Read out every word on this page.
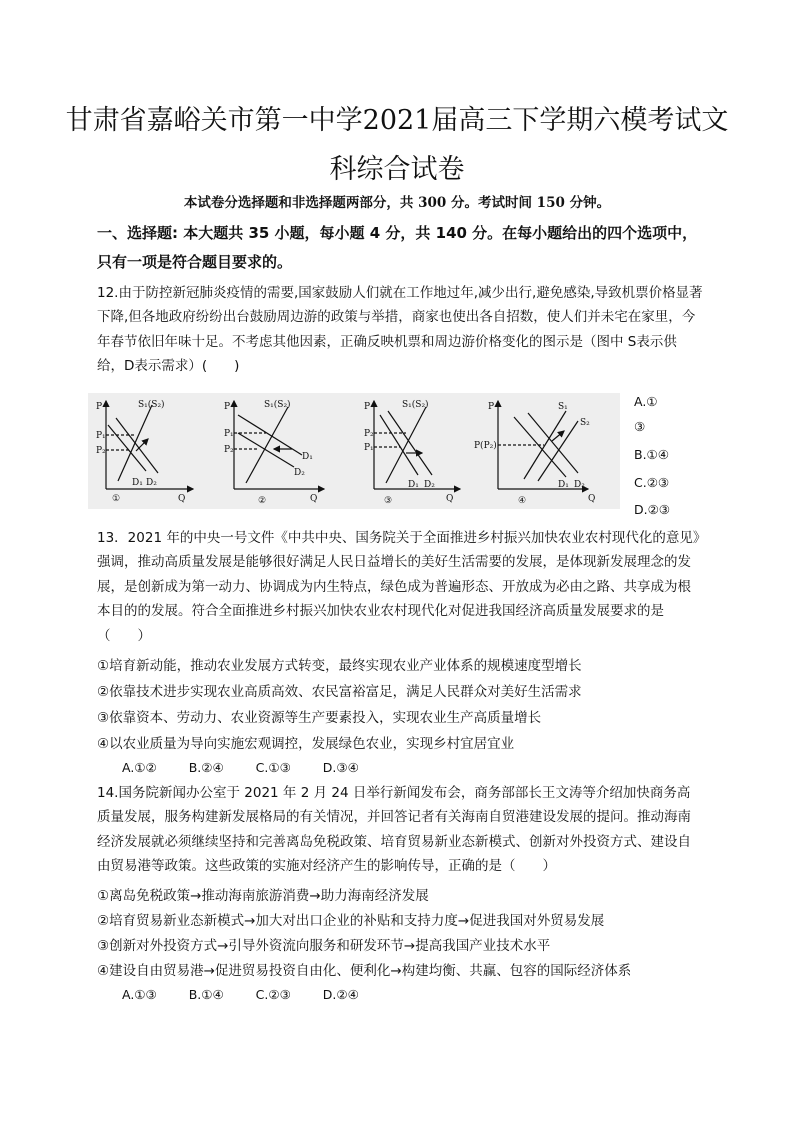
甘肃省嘉峪关市第一中学2021届高三下学期六模考试文
科综合试卷
本试卷分选择题和非选择题两部分，共 300 分。考试时间 150 分钟。
一、选择题: 本大题共 35 小题，每小题 4 分，共 140 分。在每小题给出的四个选项中，只有一项是符合题目要求的。
12.由于防控新冠肺炎疫情的需要,国家鼓励人们就在工作地过年,减少出行,避免感染,导致机票价格显著下降,但各地政府纷纷出台鼓励周边游的政策与举措，商家也使出各自招数，使人们并未宅在家里，今年春节依旧年味十足。不考虑其他因素，正确反映机票和周边游价格变化的图示是（图中 S表示供给，D表示需求）(　　)
P
P₁
P₂
S₁(S₂)
D₁ D₂
Q
①
P
P₁
P₂
S₁(S₂)
D₁
D₂
Q
②
P
P₂
P₁
S₁(S₂)
D₁ D₂
Q
③
P
P(P₂)
S₁
S₂
D₁ D₂
Q
④
A.①
③
B.①④
C.②③
D.②③
13．2021 年的中央一号文件《中共中央、国务院关于全面推进乡村振兴加快农业农村现代化的意见》强调，推动高质量发展是能够很好满足人民日益增长的美好生活需要的发展，是体现新发展理念的发展，是创新成为第一动力、协调成为内生特点，绿色成为普遍形态、开放成为必由之路、共享成为根本目的的发展。符合全面推进乡村振兴加快农业农村现代化对促进我国经济高质量发展要求的是（　　）
①培育新动能，推动农业发展方式转变，最终实现农业产业体系的规模速度型增长
②依靠技术进步实现农业高质高效、农民富裕富足，满足人民群众对美好生活需求
③依靠资本、劳动力、农业资源等生产要素投入，实现农业生产高质量增长
④以农业质量为导向实施宏观调控，发展绿色农业，实现乡村宜居宜业
A.①②	B.②④	C.①③	D.③④
14.国务院新闻办公室于 2021 年 2 月 24 日举行新闻发布会，商务部部长王文涛等介绍加快商务高质量发展，服务构建新发展格局的有关情况，并回答记者有关海南自贸港建设发展的提问。推动海南经济发展就必须继续坚持和完善离岛免税政策、培育贸易新业态新模式、创新对外投资方式、建设自由贸易港等政策。这些政策的实施对经济产生的影响传导，正确的是（　　）
①离岛免税政策→推动海南旅游消费→助力海南经济发展
②培育贸易新业态新模式→加大对出口企业的补贴和支持力度→促进我国对外贸易发展
③创新对外投资方式→引导外资流向服务和研发环节→提高我国产业技术水平
④建设自由贸易港→促进贸易投资自由化、便利化→构建均衡、共赢、包容的国际经济体系
A.①③	B.①④	C.②③	D.②④
